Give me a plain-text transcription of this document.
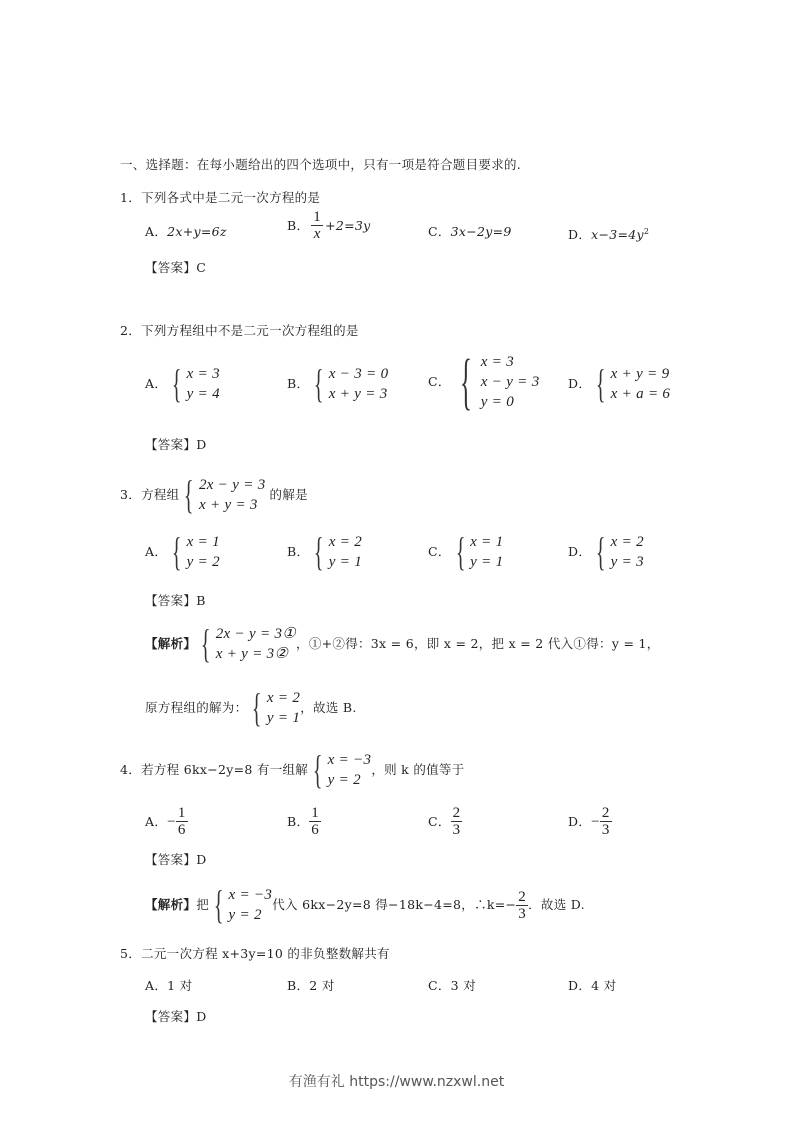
一、选择题：在每小题给出的四个选项中，只有一项是符合题目要求的.
1．下列各式中是二元一次方程的是
A．2x+y=6z	B． $\frac{1}{x} +2=3y$	C．3x−2y=9	D．$x-3=4y^2$
【答案】C
2．下列方程组中不是二元一次方程组的是
A． { x = 3
y = 4
B． { x − 3 = 0
x + y = 3
C． { x = 3
x − y = 3
y = 0
D． { x + y = 9
x + a = 6
【答案】D
3． 方程组 { 2x − y = 3
x + y = 3
的解是
A． { x = 1
y = 2
B． { x = 2
y = 1
C． { x = 1
y = 1
D． { x = 2
y = 3
【答案】B
【解析】 { 2x − y = 3①
x + y = 3②
，①+②得：3x = 6，即 x = 2，把 x = 2 代入①得：y = 1，
原方程组的解为： { x = 2
y = 1
，故选 B.
4． 若方程 6kx−2y=8 有一组解 { x = −3
y = 2
，则 k 的值等于
A． − $\frac{1}{6}$	B． $\frac{1}{6}$	C． $\frac{2}{3}$	D． − $\frac{2}{3}$
【答案】D
【解析】 把 { x = −3
y = 2
代入 6kx−2y=8 得−18k−4=8，∴k=− $\frac{2}{3}$ ．故选 D.
5．二元一次方程 x+3y=10 的非负整数解共有
A．1 对	B．2 对	C．3 对	D．4 对
【答案】D
有渔有礼 https://www.nzxwl.net
